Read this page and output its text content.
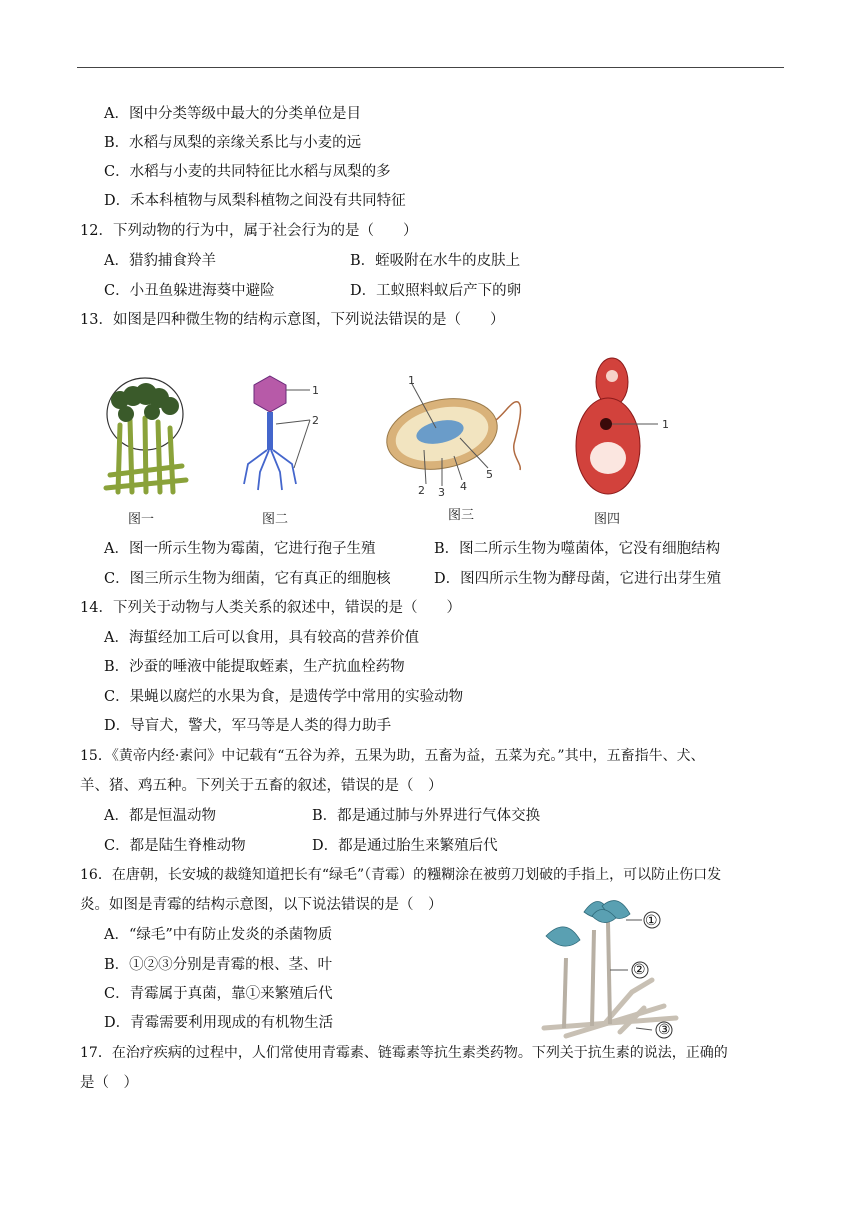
A．图中分类等级中最大的分类单位是目
B．水稻与凤梨的亲缘关系比与小麦的远
C．水稻与小麦的共同特征比水稻与凤梨的多
D．禾本科植物与凤梨科植物之间没有共同特征
12．下列动物的行为中，属于社会行为的是（　　）
A．猎豹捕食羚羊	B．蛭吸附在水牛的皮肤上
C．小丑鱼躲进海葵中避险	D．工蚁照料蚁后产下的卵
13．如图是四种微生物的结构示意图，下列说法错误的是（　　）
图一
1
2
图二
1
2 3 4
5
图三
1
图四
A．图一所示生物为霉菌，它进行孢子生殖	B．图二所示生物为噬菌体，它没有细胞结构
C．图三所示生物为细菌，它有真正的细胞核	D．图四所示生物为酵母菌，它进行出芽生殖
14．下列关于动物与人类关系的叙述中，错误的是（　　）
A．海蜇经加工后可以食用，具有较高的营养价值
B．沙蚕的唾液中能提取蛭素，生产抗血栓药物
C．果蝇以腐烂的水果为食，是遗传学中常用的实验动物
D．导盲犬，警犬，军马等是人类的得力助手
15．《黄帝内经·素问》中记载有“五谷为养，五果为助，五畜为益，五菜为充。”其中，五畜指牛、犬、
羊、猪、鸡五种。下列关于五畜的叙述，错误的是（　）
A．都是恒温动物	B．都是通过肺与外界进行气体交换
C．都是陆生脊椎动物	D．都是通过胎生来繁殖后代
16．在唐朝，长安城的裁缝知道把长有“绿毛”（青霉）的糨糊涂在被剪刀划破的手指上，可以防止伤口发
炎。如图是青霉的结构示意图，以下说法错误的是（　）
A．“绿毛”中有防止发炎的杀菌物质
B．①②③分别是青霉的根、茎、叶
C．青霉属于真菌，靠①来繁殖后代
D．青霉需要利用现成的有机物生活
①
②
③
17．在治疗疾病的过程中，人们常使用青霉素、链霉素等抗生素类药物。下列关于抗生素的说法，正确的
是（　）
